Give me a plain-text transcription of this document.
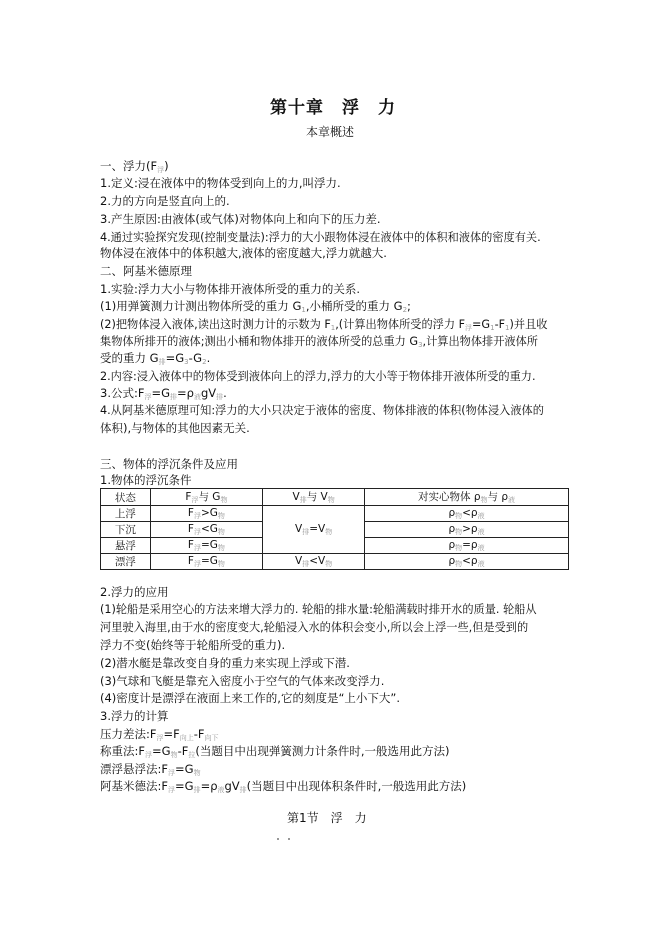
第十章　浮　力
本章概述
一、浮力(F浮)
1.定义:浸在液体中的物体受到向上的力,叫浮力.
2.力的方向是竖直向上的.
3.产生原因:由液体(或气体)对物体向上和向下的压力差.
4.通过实验探究发现(控制变量法):浮力的大小跟物体浸在液体中的体积和液体的密度有关.
物体浸在液体中的体积越大,液体的密度越大,浮力就越大.
二、阿基米德原理
1.实验:浮力大小与物体排开液体所受的重力的关系.
(1)用弹簧测力计测出物体所受的重力 G1,小桶所受的重力 G2;
(2)把物体浸入液体,读出这时测力计的示数为 F1,(计算出物体所受的浮力 F浮=G1-F1)并且收
集物体所排开的液体;测出小桶和物体排开的液体所受的总重力 G3,计算出物体排开液体所
受的重力 G排=G3-G2.
2.内容:浸入液体中的物体受到液体向上的浮力,浮力的大小等于物体排开液体所受的重力.
3.公式:F浮=G排=ρ液gV排.
4.从阿基米德原理可知:浮力的大小只决定于液体的密度、物体排液的体积(物体浸入液体的
体积),与物体的其他因素无关.
三、物体的浮沉条件及应用
1.物体的浮沉条件
状态	F浮与 G物	V排与 V物	对实心物体 ρ物与 ρ液
上浮	F浮>G物	V排=V物	ρ物<ρ液
下沉	F浮<G物		ρ物>ρ液
悬浮	F浮=G物		ρ物=ρ液
漂浮	F浮=G物	V排<V物	ρ物<ρ液
2.浮力的应用
(1)轮船是采用空心的方法来增大浮力的. 轮船的排水量:轮船满载时排开水的质量. 轮船从
河里驶入海里,由于水的密度变大,轮船浸入水的体积会变小,所以会上浮一些,但是受到的
浮力不变(始终等于轮船所受的重力).
(2)潜水艇是靠改变自身的重力来实现上浮或下潜.
(3)气球和飞艇是靠充入密度小于空气的气体来改变浮力.
(4)密度计是漂浮在液面上来工作的,它的刻度是“上小下大”.
3.浮力的计算
压力差法:F浮=F向上-F向下
称重法:F浮=G物-F拉(当题目中出现弹簧测力计条件时,一般选用此方法)
漂浮悬浮法:F浮=G物
阿基米德法:F浮=G排=ρ液gV排(当题目中出现体积条件时,一般选用此方法)
第1节　浮　力
